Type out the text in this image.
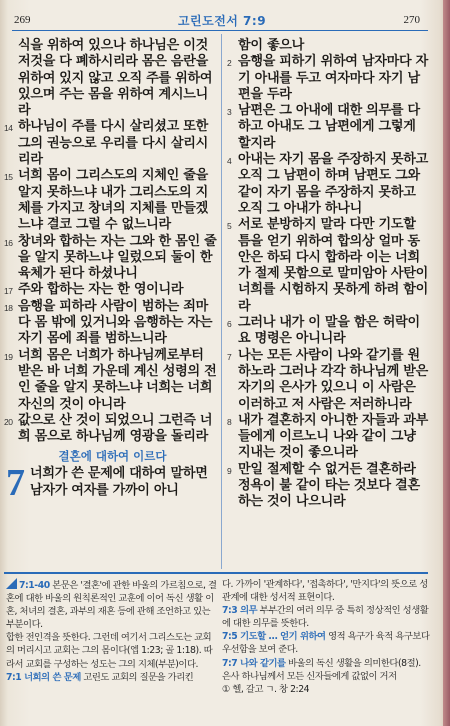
269	고린도전서 7:9	270
식을 위하여 있으나 하나님은 이것 저것을 다 폐하시리라 몸은 음란을 위하여 있지 않고 오직 주를 위하여 있으며 주는 몸을 위하여 계시느니라
14 하나님이 주를 다시 살리셨고 또한 그의 권능으로 우리를 다시 살리시리라
15 너희 몸이 그리스도의 지체인 줄을 알지 못하느냐 내가 그리스도의 지체를 가지고 창녀의 지체를 만들겠느냐 결코 그럴 수 없느니라
16 창녀와 합하는 자는 그와 한 몸인 줄을 알지 못하느냐 일렀으되 둘이 한 육체가 된다 하셨나니
17 주와 합하는 자는 한 영이니라
18 음행을 피하라 사람이 범하는 죄마다 몸 밖에 있거니와 음행하는 자는 자기 몸에 죄를 범하느니라
19 너희 몸은 너희가 하나님께로부터 받은 바 너희 가운데 계신 성령의 전인 줄을 알지 못하느냐 너희는 너희 자신의 것이 아니라
20 값으로 산 것이 되었으니 그런즉 너희 몸으로 하나님께 영광을 돌리라
결혼에 대하여 이르다
7 너희가 쓴 문제에 대하여 말하면 남자가 여자를 가까이 아니
함이 좋으나
2 음행을 피하기 위하여 남자마다 자기 아내를 두고 여자마다 자기 남편을 두라
3 남편은 그 아내에 대한 의무를 다하고 아내도 그 남편에게 그렇게 할지라
4 아내는 자기 몸을 주장하지 못하고 오직 그 남편이 하며 남편도 그와 같이 자기 몸을 주장하지 못하고 오직 그 아내가 하나니
5 서로 분방하지 말라 다만 기도할 틈을 얻기 위하여 합의상 얼마 동안은 하되 다시 합하라 이는 너희가 절제 못함으로 말미암아 사탄이 너희를 시험하지 못하게 하려 함이라
6 그러나 내가 이 말을 함은 허락이요 명령은 아니니라
7 나는 모든 사람이 나와 같기를 원하노라 그러나 각각 하나님께 받은 자기의 은사가 있으니 이 사람은 이러하고 저 사람은 저러하니라
8 내가 결혼하지 아니한 자들과 과부들에게 이르노니 나와 같이 그냥 지내는 것이 좋으니라
9 만일 절제할 수 없거든 결혼하라 정욕이 불 같이 타는 것보다 결혼하는 것이 나으니라
7:1-40 본문은 '결혼'에 관한 바울의 가르침으로, 결혼에 대한 바울의 원칙론적인 교훈에 이어 독신 생활 이혼, 처녀의 결혼, 과부의 재혼 등에 관해 조언하고 있는 부분이다.
합한 전인격을 뜻한다. 그런데 여기서 그리스도는 교회의 머리시고 교회는 그의 몸이다(엡 1:23; 골 1:18). 따라서 교회를 구성하는 성도는 그의 지체(부분)이다.
7:1 너희의 쓴 문제 고린도 교회의 질문을 가리킨
다. 가까이 '관계하다', '접촉하다', '만지다'의 뜻으로 성관계에 대한 성서적 표현이다.
7:3 의무 부부간의 여러 의무 중 특히 정상적인 성생활에 대한 의무를 뜻한다.
7:5 기도할 … 얻기 위하여 영적 욕구가 육적 욕구보다 우선함을 보여 준다.
7:7 나와 같기를 바울의 독신 생활을 의미한다(8절). 은사 하나님께서 모든 신자들에게 값없이 거저
① 헬, 갈고 ㄱ. 창 2:24
